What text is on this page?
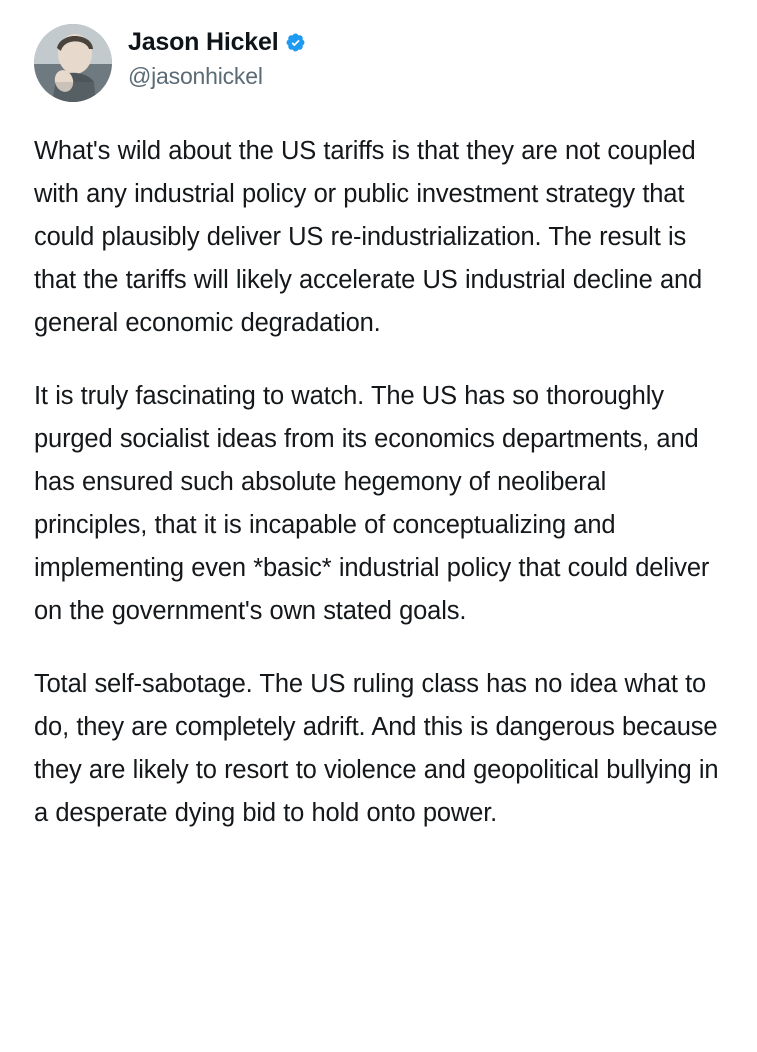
Jason Hickel
@jasonhickel

What's wild about the US tariffs is that they are not coupled with any industrial policy or public investment strategy that could plausibly deliver US re-industrialization. The result is that the tariffs will likely accelerate US industrial decline and general economic degradation.

It is truly fascinating to watch. The US has so thoroughly purged socialist ideas from its economics departments, and has ensured such absolute hegemony of neoliberal principles, that it is incapable of conceptualizing and implementing even *basic* industrial policy that could deliver on the government's own stated goals.

Total self-sabotage. The US ruling class has no idea what to do, they are completely adrift. And this is dangerous because they are likely to resort to violence and geopolitical bullying in a desperate dying bid to hold onto power.
